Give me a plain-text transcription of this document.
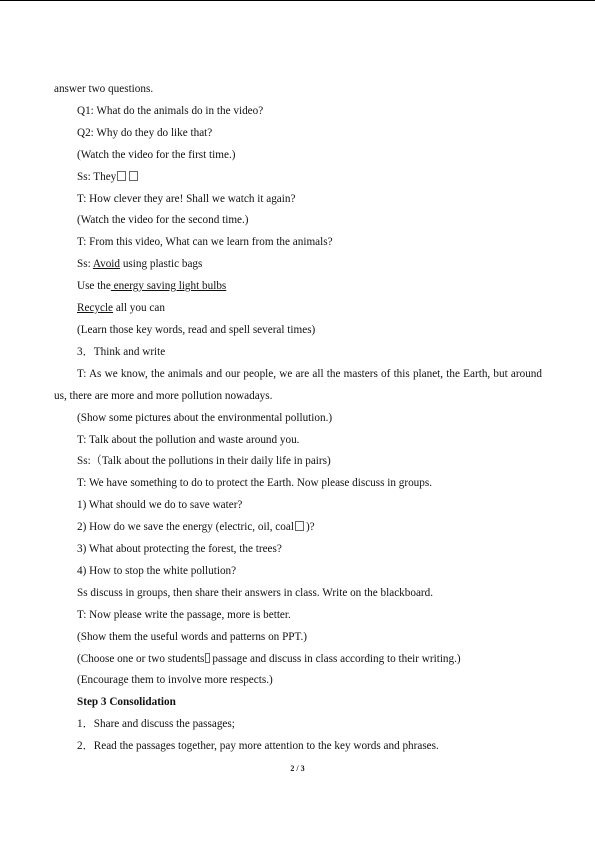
answer two questions.
Q1: What do the animals do in the video?
Q2: Why do they do like that?
(Watch the video for the first time.)
Ss: They
T: How clever they are! Shall we watch it again?
(Watch the video for the second time.)
T: From this video, What can we learn from the animals?
Ss: Avoid using plastic bags
Use the energy saving light bulbs
Recycle all you can
(Learn those key words, read and spell several times)
3．Think and write
T: As we know, the animals and our people, we are all the masters of this planet, the Earth, but around us, there are more and more pollution nowadays.
(Show some pictures about the environmental pollution.)
T: Talk about the pollution and waste around you.
Ss:（Talk about the pollutions in their daily life in pairs)
T: We have something to do to protect the Earth. Now please discuss in groups.
1) What should we do to save water?
2) How do we save the energy (electric, oil, coal )?
3) What about protecting the forest, the trees?
4) How to stop the white pollution?
Ss discuss in groups, then share their answers in class. Write on the blackboard.
T: Now please write the passage, more is better.
(Show them the useful words and patterns on PPT.)
(Choose one or two students passage and discuss in class according to their writing.)
(Encourage them to involve more respects.)
Step 3 Consolidation
1．Share and discuss the passages;
2．Read the passages together, pay more attention to the key words and phrases.
2 / 3
